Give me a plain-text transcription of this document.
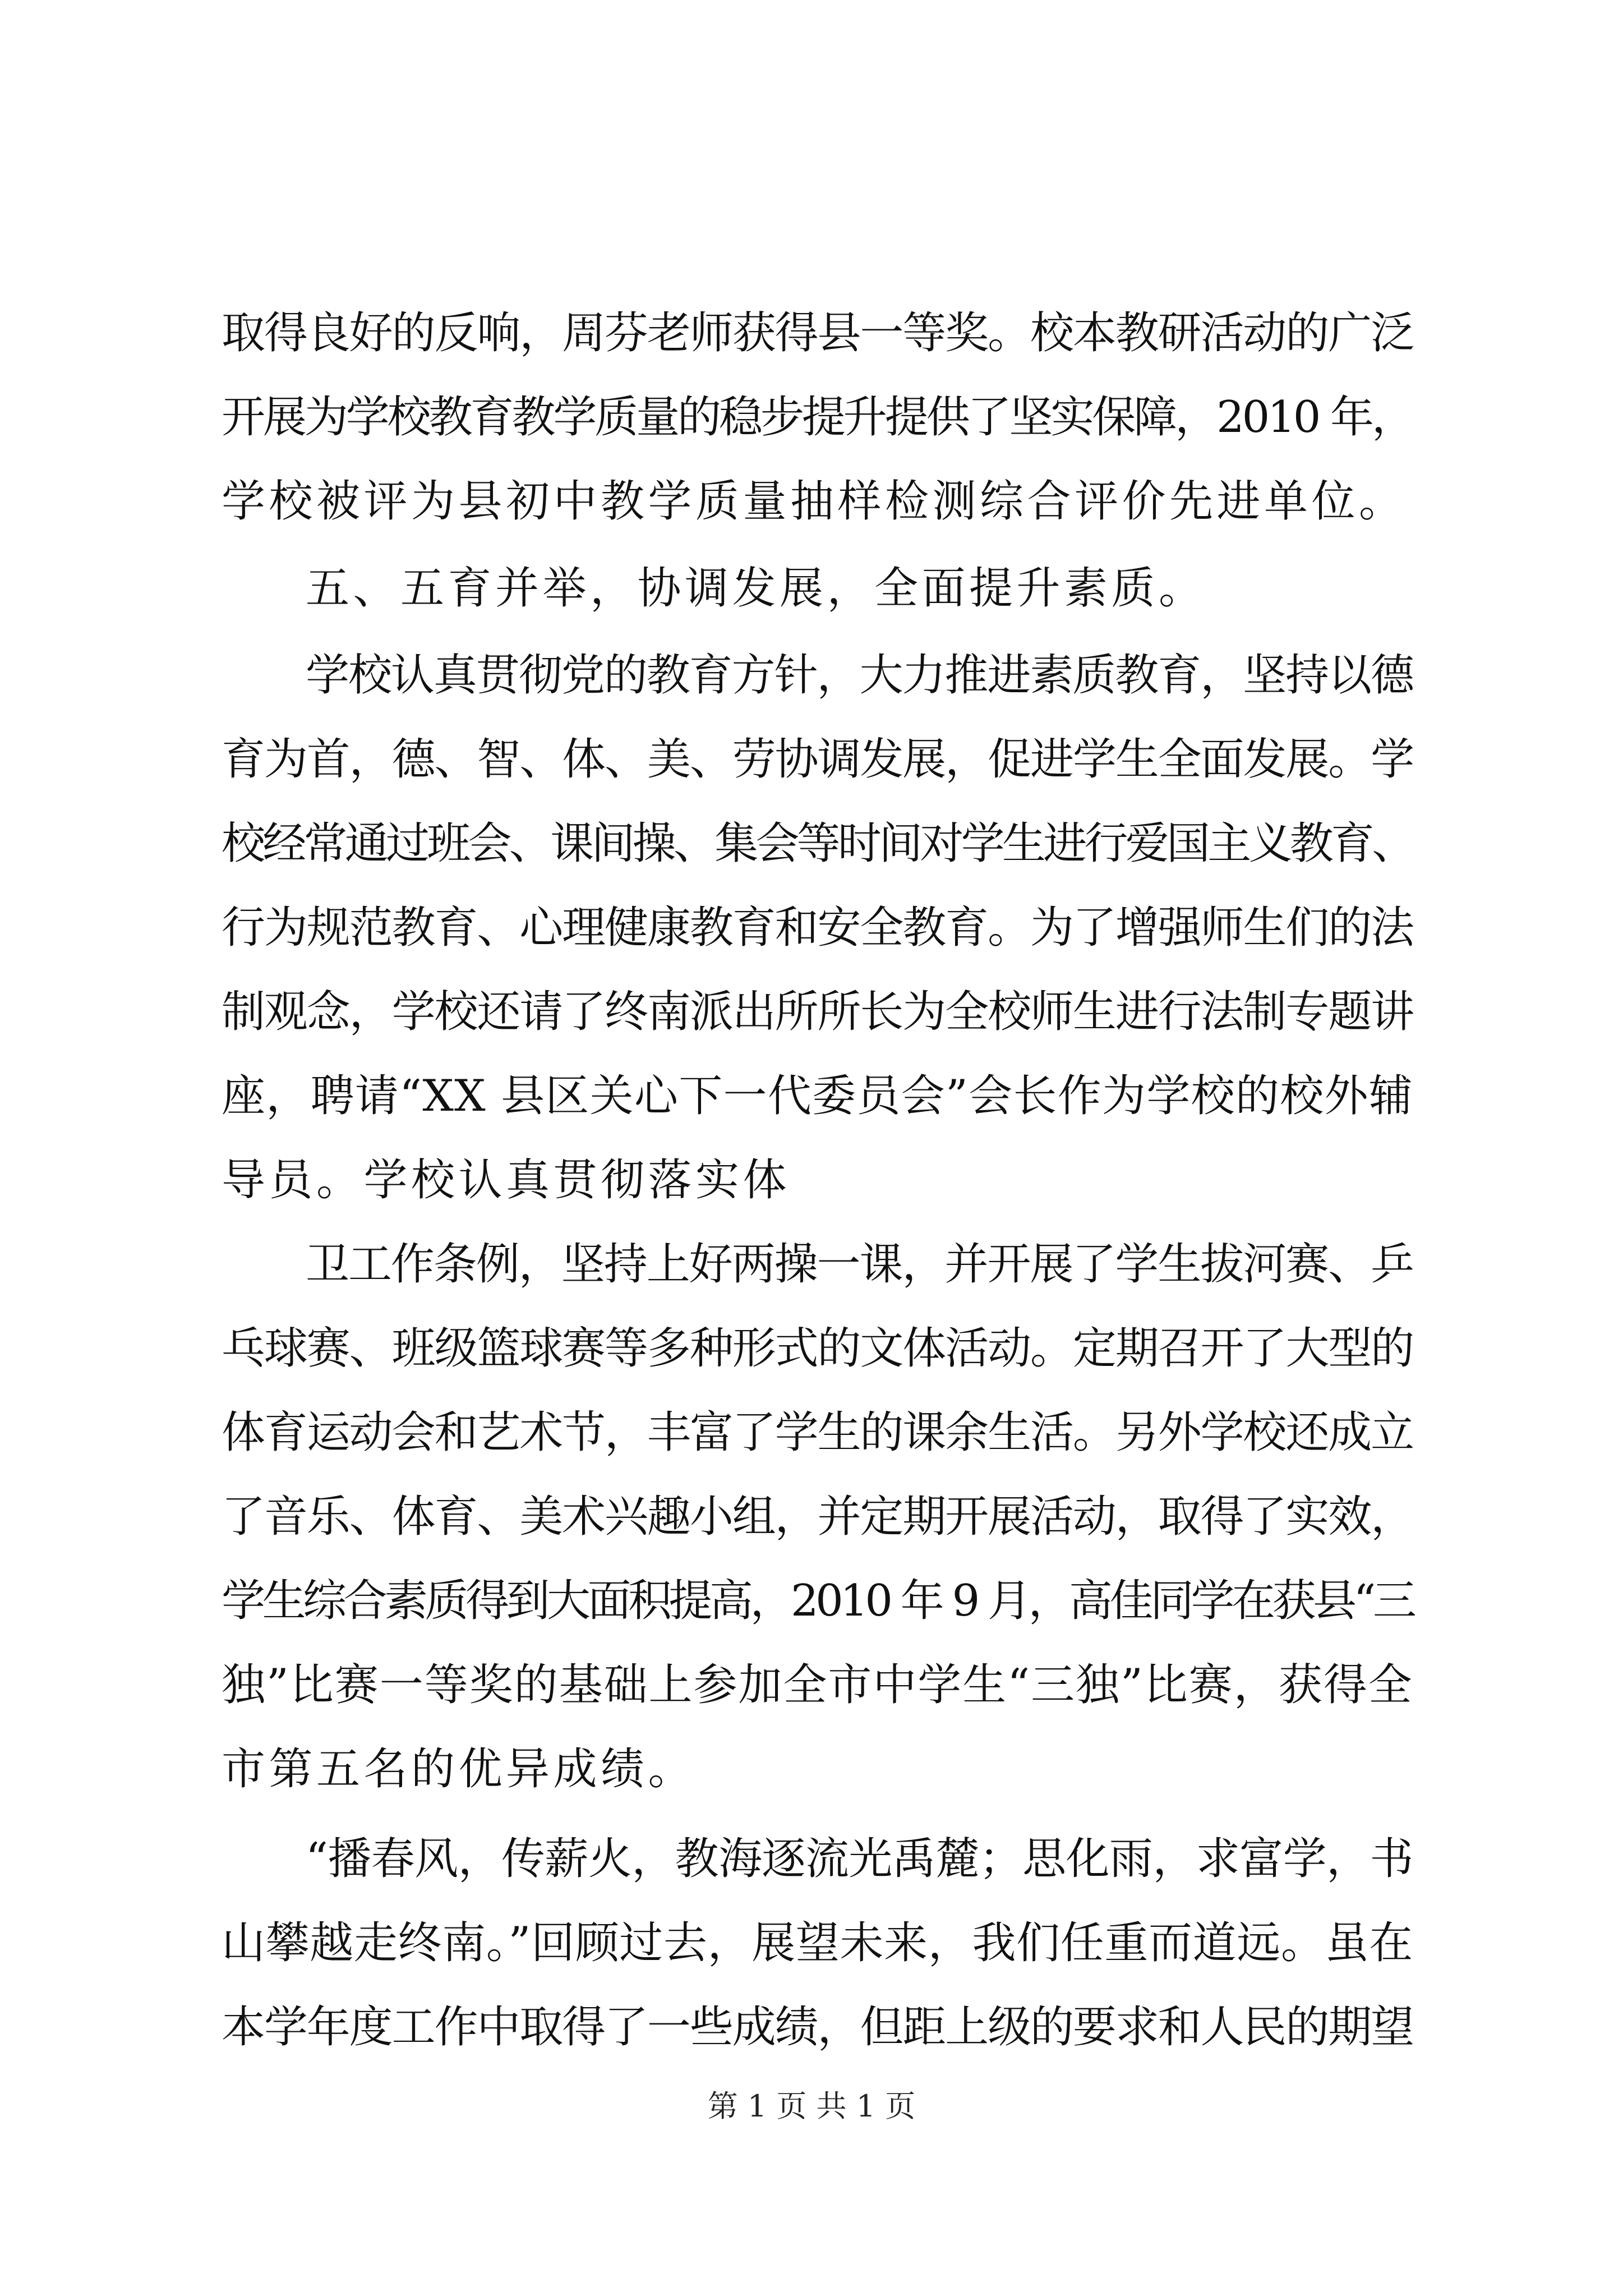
取得良好的反响，周芬老师获得县一等奖。校本教研活动的广泛
开展为学校教育教学质量的稳步提升提供了坚实保障，2010 年，
学校被评为县初中教学质量抽样检测综合评价先进单位。
五、五育并举，协调发展，全面提升素质。
学校认真贯彻党的教育方针，大力推进素质教育，坚持以德
育为首，德、智、体、美、劳协调发展，促进学生全面发展。学
校经常通过班会、课间操、集会等时间对学生进行爱国主义教育、
行为规范教育、心理健康教育和安全教育。为了增强师生们的法
制观念，学校还请了终南派出所所长为全校师生进行法制专题讲
座，聘请“XX 县区关心下一代委员会”会长作为学校的校外辅
导员。学校认真贯彻落实体
卫工作条例，坚持上好两操一课，并开展了学生拔河赛、乒
乓球赛、班级篮球赛等多种形式的文体活动。定期召开了大型的
体育运动会和艺术节，丰富了学生的课余生活。另外学校还成立
了音乐、体育、美术兴趣小组，并定期开展活动，取得了实效，
学生综合素质得到大面积提高，2010 年 9 月，高佳同学在获县“三
独”比赛一等奖的基础上参加全市中学生“三独”比赛，获得全
市第五名的优异成绩。
“播春风，传薪火，教海逐流光禹麓；思化雨，求富学，书
山攀越走终南。”回顾过去，展望未来，我们任重而道远。虽在
本学年度工作中取得了一些成绩，但距上级的要求和人民的期望
第 1 页 共 1 页
